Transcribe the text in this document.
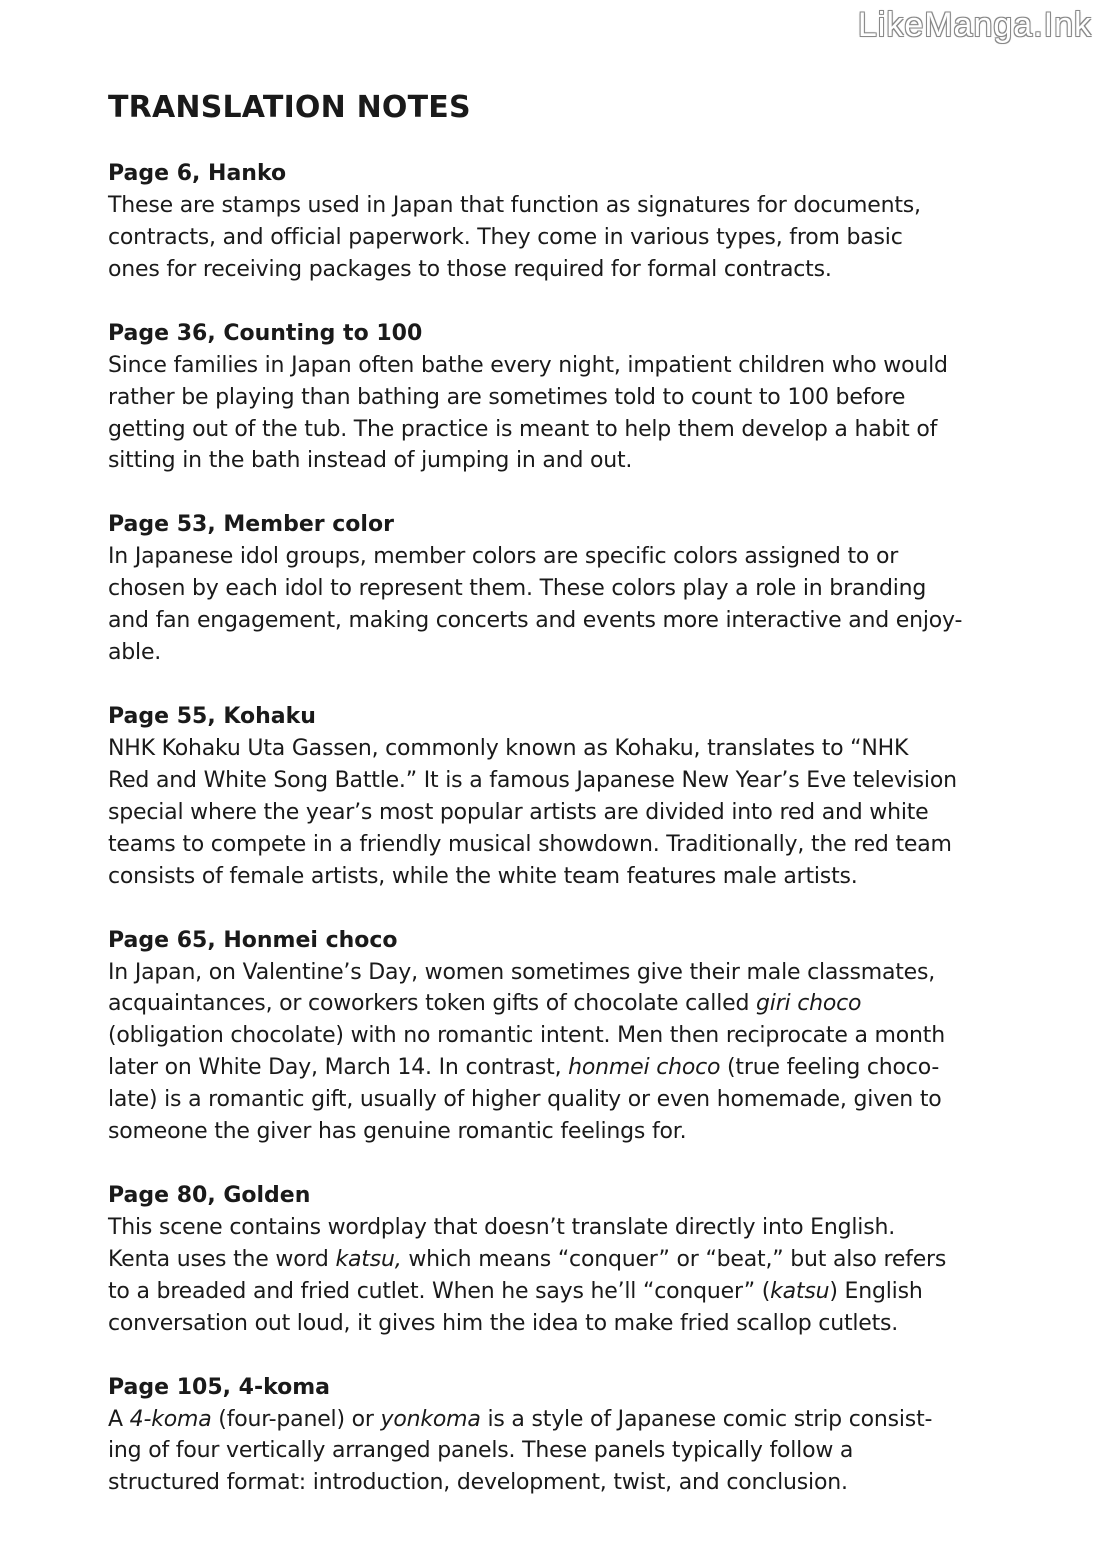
LikeManga.Ink
TRANSLATION NOTES
Page 6, Hanko

These are stamps used in Japan that function as signatures for documents,
contracts, and official paperwork. They come in various types, from basic
ones for receiving packages to those required for formal contracts.

Page 36, Counting to 100

Since families in Japan often bathe every night, impatient children who would
rather be playing than bathing are sometimes told to count to 100 before
getting out of the tub. The practice is meant to help them develop a habit of
sitting in the bath instead of jumping in and out.

Page 53, Member color

In Japanese idol groups, member colors are specific colors assigned to or
chosen by each idol to represent them. These colors play a role in branding
and fan engagement, making concerts and events more interactive and enjoy-
able.

Page 55, Kohaku

NHK Kohaku Uta Gassen, commonly known as Kohaku, translates to “NHK
Red and White Song Battle.” It is a famous Japanese New Year’s Eve television
special where the year’s most popular artists are divided into red and white
teams to compete in a friendly musical showdown. Traditionally, the red team
consists of female artists, while the white team features male artists.

Page 65, Honmei choco

In Japan, on Valentine’s Day, women sometimes give their male classmates,
acquaintances, or coworkers token gifts of chocolate called giri choco
(obligation chocolate) with no romantic intent. Men then reciprocate a month
later on White Day, March 14. In contrast, honmei choco (true feeling choco-
late) is a romantic gift, usually of higher quality or even homemade, given to
someone the giver has genuine romantic feelings for.

Page 80, Golden

This scene contains wordplay that doesn’t translate directly into English.
Kenta uses the word katsu, which means “conquer” or “beat,” but also refers
to a breaded and fried cutlet. When he says he’ll “conquer” (katsu) English
conversation out loud, it gives him the idea to make fried scallop cutlets.

Page 105, 4-koma

A 4-koma (four-panel) or yonkoma is a style of Japanese comic strip consist-
ing of four vertically arranged panels. These panels typically follow a
structured format: introduction, development, twist, and conclusion.
